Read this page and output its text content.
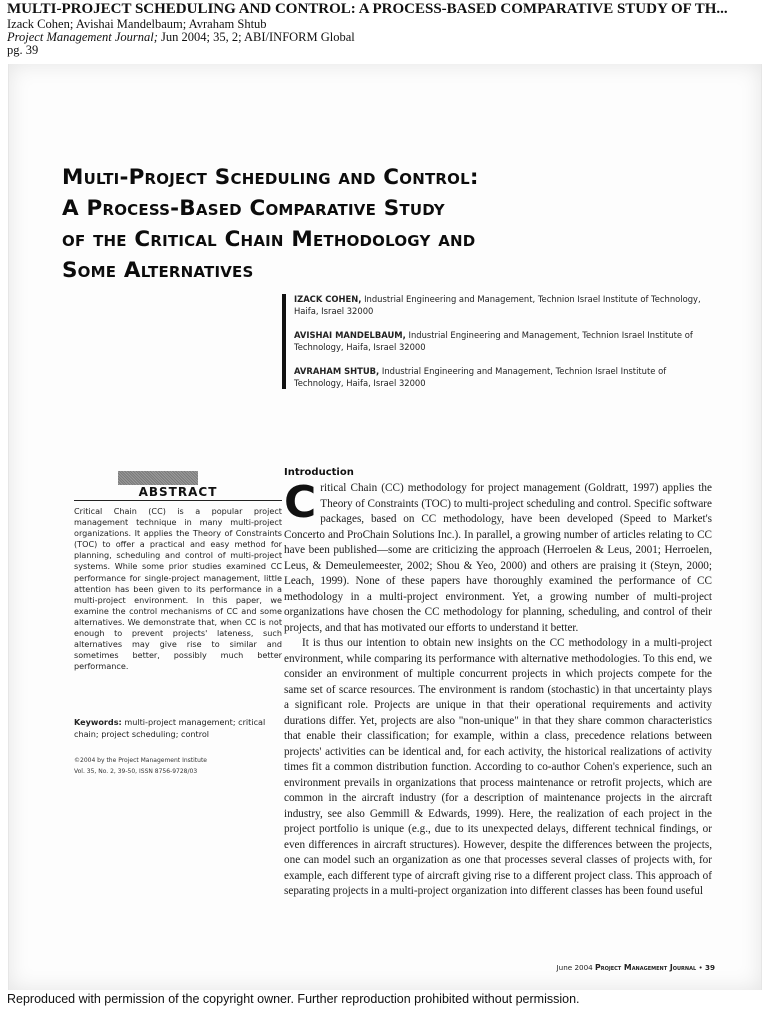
MULTI-PROJECT SCHEDULING AND CONTROL: A PROCESS-BASED COMPARATIVE STUDY OF TH...
Izack Cohen; Avishai Mandelbaum; Avraham Shtub
Project Management Journal; Jun 2004; 35, 2; ABI/INFORM Global
pg. 39
Multi-Project Scheduling and Control:
A Process-Based Comparative Study
of the Critical Chain Methodology and
Some Alternatives
IZACK COHEN, Industrial Engineering and Management, Technion Israel Institute of Technology, Haifa, Israel 32000
AVISHAI MANDELBAUM, Industrial Engineering and Management, Technion Israel Institute of Technology, Haifa, Israel 32000
AVRAHAM SHTUB, Industrial Engineering and Management, Technion Israel Institute of Technology, Haifa, Israel 32000
ABSTRACT
Critical Chain (CC) is a popular project management technique in many multi-project organizations. It applies the Theory of Constraints (TOC) to offer a practical and easy method for planning, scheduling and control of multi-project systems. While some prior studies examined CC performance for single-project management, little attention has been given to its performance in a multi-project environment. In this paper, we examine the control mechanisms of CC and some alternatives. We demonstrate that, when CC is not enough to prevent projects' lateness, such alternatives may give rise to similar and sometimes better, possibly much better performance.
Keywords: multi-project management; critical chain; project scheduling; control
©2004 by the Project Management Institute
Vol. 35, No. 2, 39-50, ISSN 8756-9728/03
Introduction

Critical Chain (CC) methodology for project management (Goldratt, 1997) applies the Theory of Constraints (TOC) to multi-project scheduling and control. Specific software packages, based on CC methodology, have been developed (Speed to Market's Concerto and ProChain Solutions Inc.). In parallel, a growing number of articles relating to CC have been published—some are criticizing the approach (Herroelen & Leus, 2001; Herroelen, Leus, & Demeulemeester, 2002; Shou & Yeo, 2000) and others are praising it (Steyn, 2000; Leach, 1999). None of these papers have thoroughly examined the performance of CC methodology in a multi-project environment. Yet, a growing number of multi-project organizations have chosen the CC methodology for planning, scheduling, and control of their projects, and that has motivated our efforts to understand it better.

It is thus our intention to obtain new insights on the CC methodology in a multi-project environment, while comparing its performance with alternative methodologies. To this end, we consider an environment of multiple concurrent projects in which projects compete for the same set of scarce resources. The environment is random (stochastic) in that uncertainty plays a significant role. Projects are unique in that their operational requirements and activity durations differ. Yet, projects are also "non-unique" in that they share common characteristics that enable their classification; for example, within a class, precedence relations between projects' activities can be identical and, for each activity, the historical realizations of activity times fit a common distribution function. According to co-author Cohen's experience, such an environment prevails in organizations that process maintenance or retrofit projects, which are common in the aircraft industry (for a description of maintenance projects in the aircraft industry, see also Gemmill & Edwards, 1999). Here, the realization of each project in the project portfolio is unique (e.g., due to its unexpected delays, different technical findings, or even differences in aircraft structures). However, despite the differences between the projects, one can model such an organization as one that processes several classes of projects with, for example, each different type of aircraft giving rise to a different project class. This approach of separating projects in a multi-project organization into different classes has been found useful

June 2004 Project Management Journal • 39
Reproduced with permission of the copyright owner. Further reproduction prohibited without permission.
